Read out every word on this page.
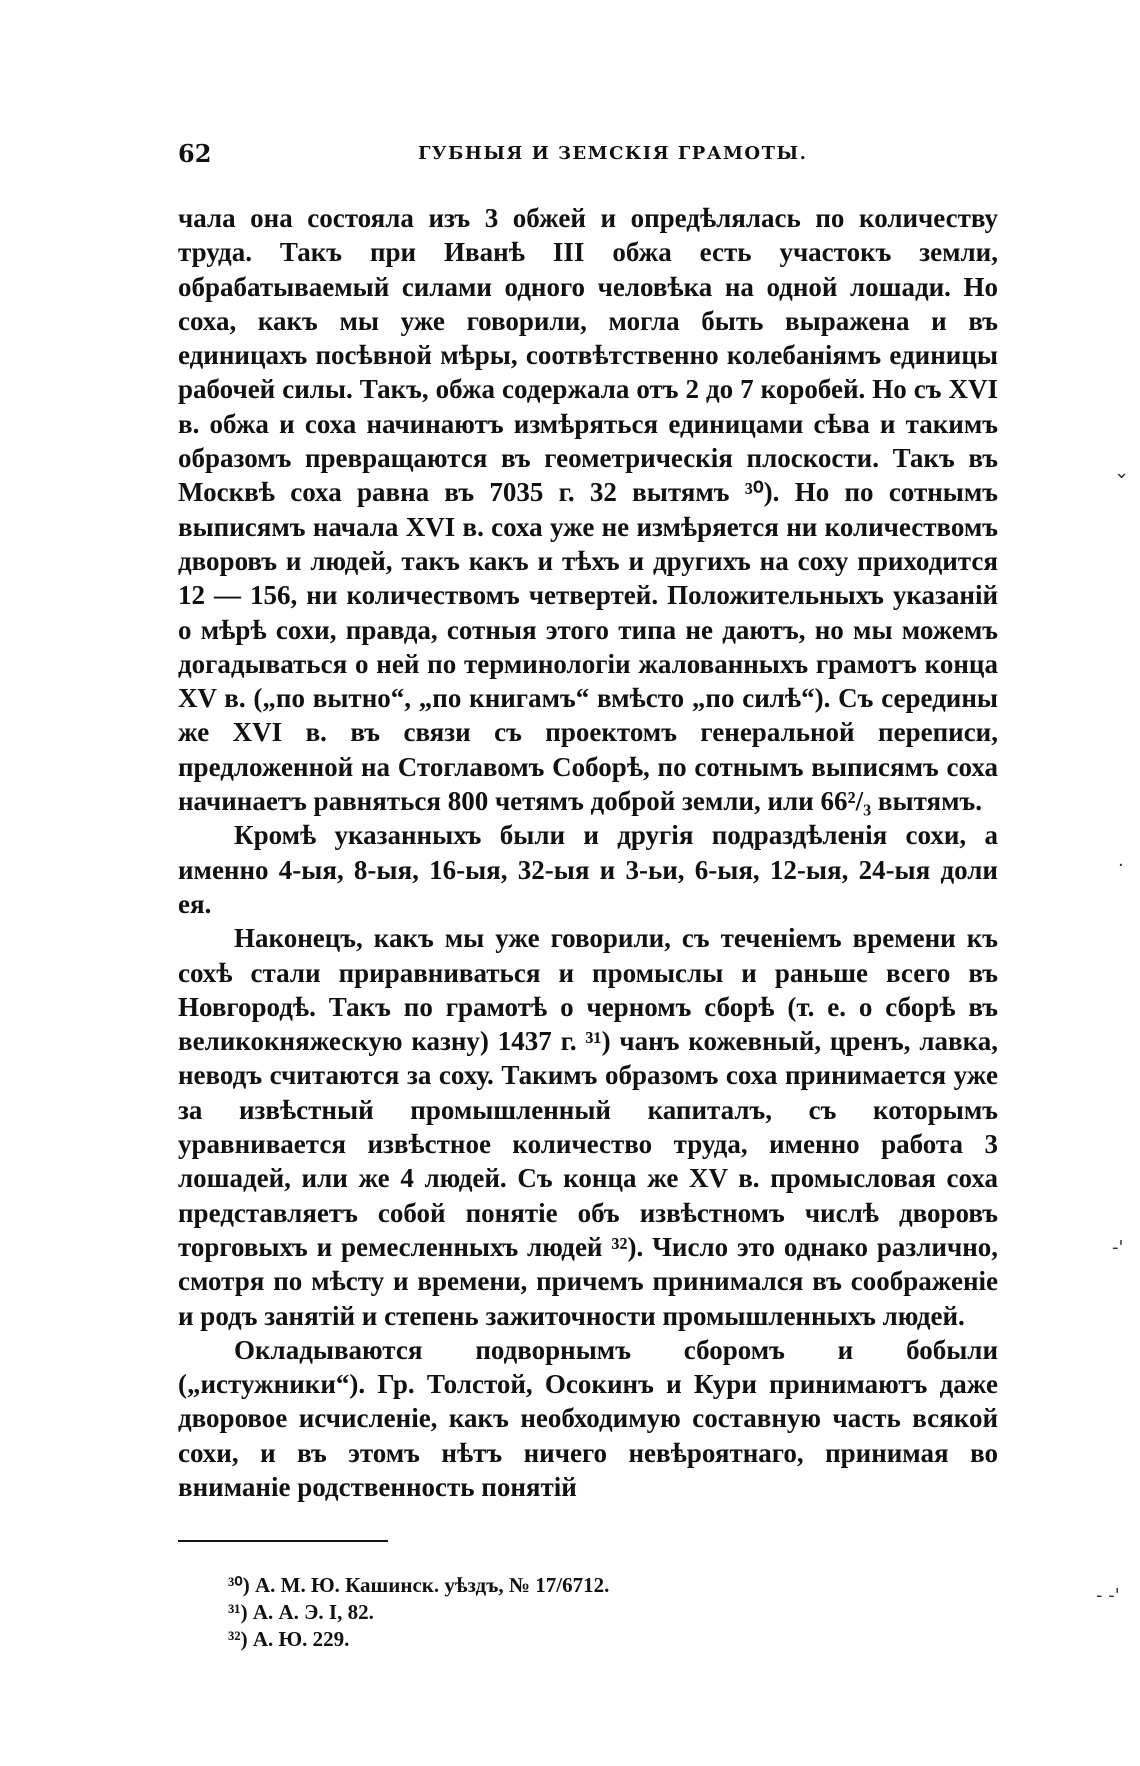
62	ГУБНЫЯ И ЗЕМСКІЯ ГРАМОТЫ.

чала она состояла изъ 3 обжей и опредѣлялась по количеству труда. Такъ при Иванѣ III обжа есть участокъ земли, обрабатываемый силами одного человѣка на одной лошади. Но соха, какъ мы уже говорили, могла быть выражена и въ единицахъ посѣвной мѣры, соотвѣтственно колебаніямъ единицы рабочей силы. Такъ, обжа содержала отъ 2 до 7 коробей. Но съ XVI в. обжа и соха начинаютъ измѣряться единицами сѣва и такимъ образомъ превращаются въ геометрическія плоскости. Такъ въ Москвѣ соха равна въ 7035 г. 32 вытямъ ³⁰). Но по сотнымъ выписямъ начала XVI в. соха уже не измѣряется ни количествомъ дворовъ и людей, такъ какъ и тѣхъ и другихъ на соху приходится 12 — 156, ни количествомъ четвертей. Положительныхъ указаній о мѣрѣ сохи, правда, сотныя этого типа не даютъ, но мы можемъ догадываться о ней по терминологіи жалованныхъ грамотъ конца XV в. („по вытно“, „по книгамъ“ вмѣсто „по силѣ“). Съ середины же XVI в. въ связи съ проектомъ генеральной переписи, предложенной на Стоглавомъ Соборѣ, по сотнымъ выписямъ соха начинаетъ равняться 800 четямъ доброй земли, или 66²/₃ вытямъ.

Кромѣ указанныхъ были и другія подраздѣленія сохи, а именно 4-ыя, 8-ыя, 16-ыя, 32-ыя и 3-ьи, 6-ыя, 12-ыя, 24-ыя доли ея.

Наконецъ, какъ мы уже говорили, съ теченіемъ времени къ сохѣ стали приравниваться и промыслы и раньше всего въ Новгородѣ. Такъ по грамотѣ о черномъ сборѣ (т. е. о сборѣ въ великокняжескую казну) 1437 г. ³¹) чанъ кожевный, цренъ, лавка, неводъ считаются за соху. Такимъ образомъ соха принимается уже за извѣстный промышленный капиталъ, съ которымъ уравнивается извѣстное количество труда, именно работа 3 лошадей, или же 4 людей. Съ конца же XV в. промысловая соха представляетъ собой понятіе объ извѣстномъ числѣ дворовъ торговыхъ и ремесленныхъ людей ³²). Число это однако различно, смотря по мѣсту и времени, причемъ принимался въ соображеніе и родъ занятій и степень зажиточности промышленныхъ людей.

Окладываются подворнымъ сборомъ и бобыли („истужники“). Гр. Толстой, Осокинъ и Кури принимаютъ даже дворовое исчисленіе, какъ необходимую составную часть всякой сохи, и въ этомъ нѣтъ ничего невѣроятнаго, принимая во вниманіе родственность понятій

³⁰) А. М. Ю. Кашинск. уѣздъ, № 17/6712.
³¹) А. А. Э. I, 82.
³²) А. Ю. 229.
⌄
·
-'
- -'
